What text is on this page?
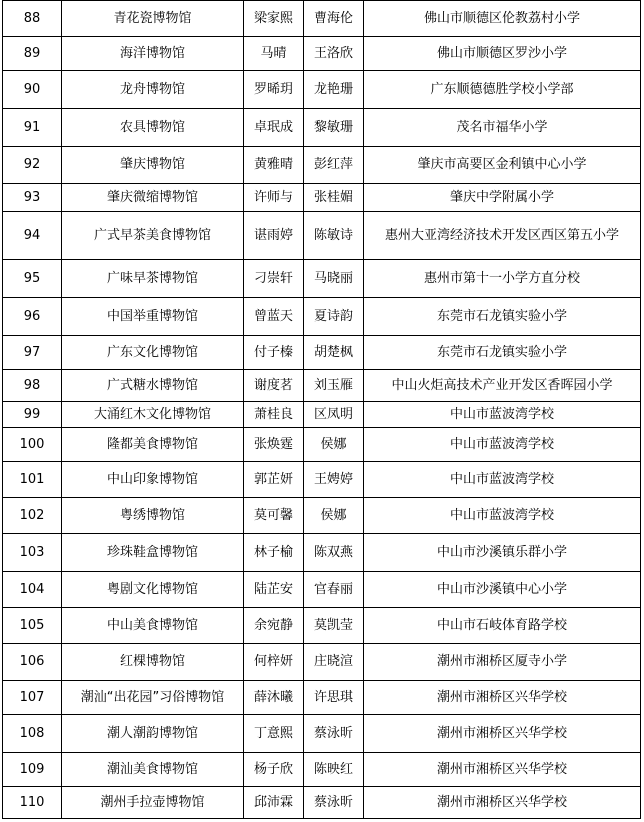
88	青花瓷博物馆	梁家熙	曹海伦	佛山市顺德区伦教荔村小学
89	海洋博物馆	马晴	王洛欣	佛山市顺德区罗沙小学
90	龙舟博物馆	罗晞玥	龙艳珊	广东顺德德胜学校小学部
91	农具博物馆	卓珉成	黎敏珊	茂名市福华小学
92	肇庆博物馆	黄雅晴	彭红萍	肇庆市高要区金利镇中心小学
93	肇庆微缩博物馆	许师与	张桂媚	肇庆中学附属小学
94	广式早茶美食博物馆	谌雨婷	陈敏诗	惠州大亚湾经济技术开发区西区第五小学
95	广味早茶博物馆	刁崇轩	马晓丽	惠州市第十一小学方直分校
96	中国举重博物馆	曾蓝天	夏诗韵	东莞市石龙镇实验小学
97	广东文化博物馆	付子榛	胡楚枫	东莞市石龙镇实验小学
98	广式糖水博物馆	谢度茗	刘玉雁	中山火炬高技术产业开发区香晖园小学
99	大涌红木文化博物馆	萧桂良	区凤明	中山市蓝波湾学校
100	隆都美食博物馆	张焕霆	侯娜	中山市蓝波湾学校
101	中山印象博物馆	郭芷妍	王娉婷	中山市蓝波湾学校
102	粤绣博物馆	莫可馨	侯娜	中山市蓝波湾学校
103	珍珠鞋盒博物馆	林子榆	陈双燕	中山市沙溪镇乐群小学
104	粤剧文化博物馆	陆芷安	官春丽	中山市沙溪镇中心小学
105	中山美食博物馆	余宛静	莫凯莹	中山市石岐体育路学校
106	红棵博物馆	何梓妍	庄晓渲	潮州市湘桥区厦寺小学
107	潮汕“出花园”习俗博物馆	薛沐曦	许思琪	潮州市湘桥区兴华学校
108	潮人潮韵博物馆	丁意熙	蔡泳昕	潮州市湘桥区兴华学校
109	潮汕美食博物馆	杨子欣	陈映红	潮州市湘桥区兴华学校
110	潮州手拉壶博物馆	邱沛霖	蔡泳昕	潮州市湘桥区兴华学校
